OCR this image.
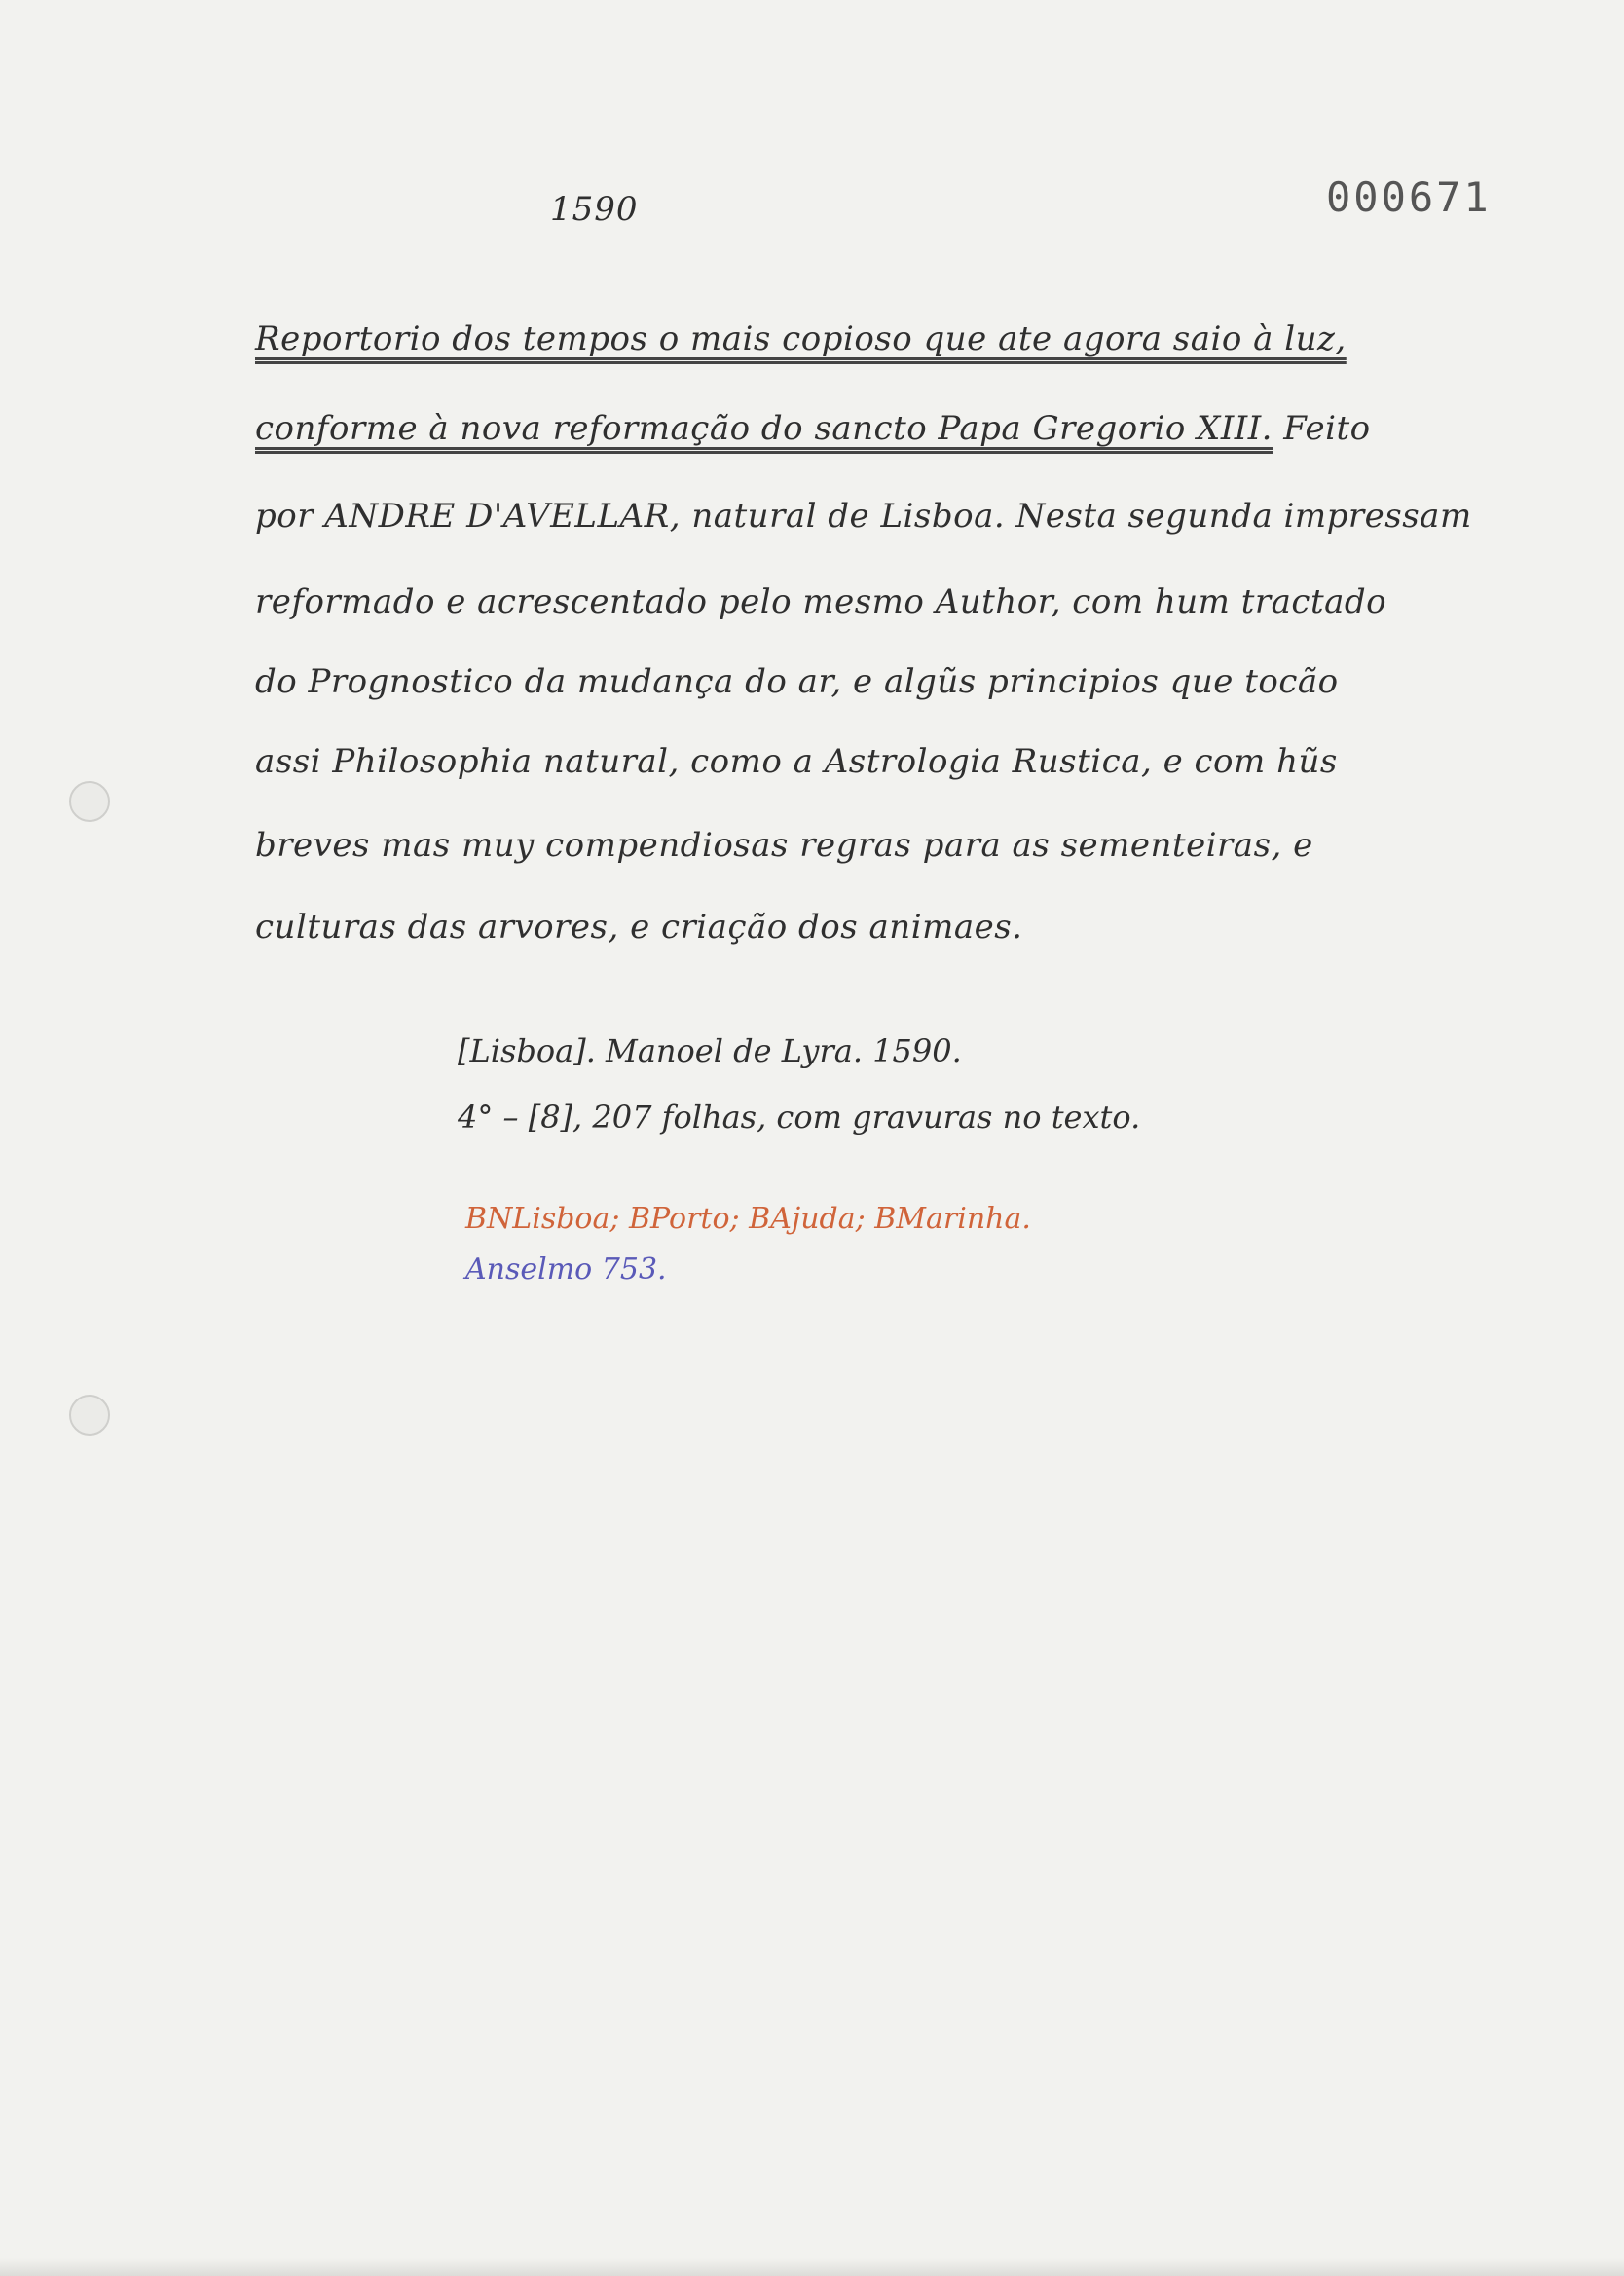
1590	000671
Reportorio dos tempos o mais copioso que ate agora saio à luz,
conforme à nova reformação do sancto Papa Gregorio XIII. Feito
por ANDRE D'AVELLAR, natural de Lisboa. Nesta segunda impressam
reformado e acrescentado pelo mesmo Author, com hum tractado
do Prognostico da mudança do ar, e algũs principios que tocão
assi Philosophia natural, como a Astrologia Rustica, e com hũs
breves mas muy compendiosas regras para as sementeiras, e
culturas das arvores, e criação dos animaes.
[Lisboa]. Manoel de Lyra. 1590.
4° – [8], 207 folhas, com gravuras no texto.
BNLisboa; BPorto; BAjuda; BMarinha.
Anselmo 753.
